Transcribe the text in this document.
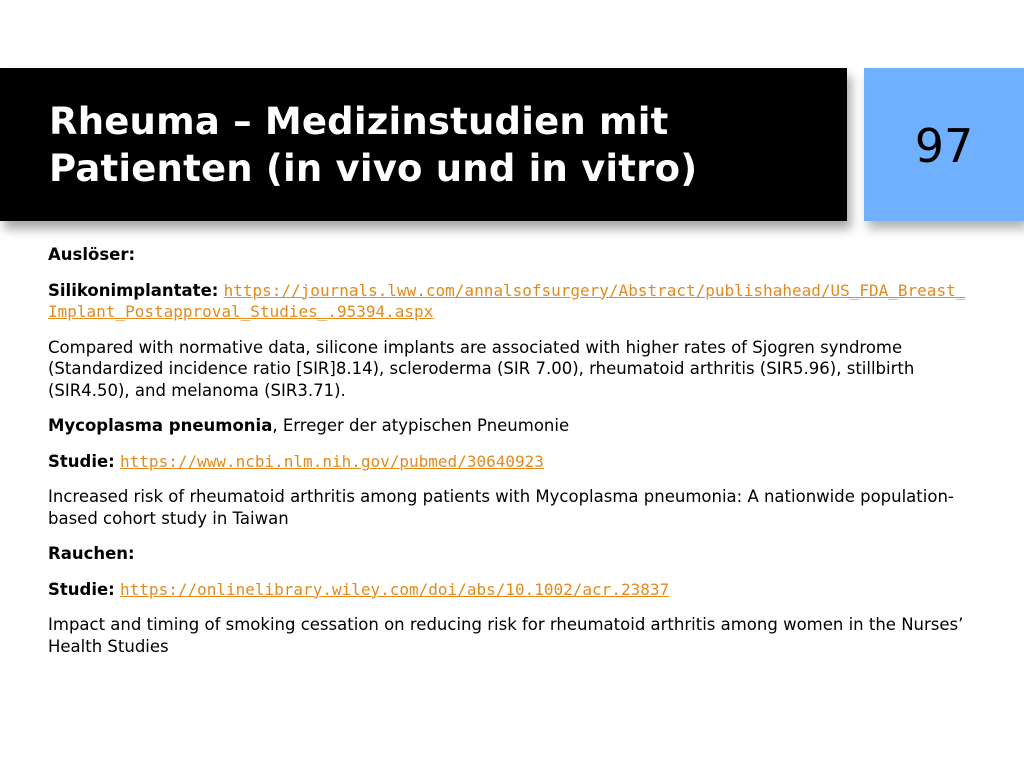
Rheuma – Medizinstudien mit
Patienten (in vivo und in vitro)	97

Auslöser:

Silikonimplantate: https://journals.lww.com/annalsofsurgery/Abstract/publishahead/US_FDA_Breast_Implant_Postapproval_Studies_.95394.aspx

Compared with normative data, silicone implants are associated with higher rates of Sjogren syndrome (Standardized incidence ratio [SIR]8.14), scleroderma (SIR 7.00), rheumatoid arthritis (SIR5.96), stillbirth (SIR4.50), and melanoma (SIR3.71).

Mycoplasma pneumonia, Erreger der atypischen Pneumonie

Studie: https://www.ncbi.nlm.nih.gov/pubmed/30640923

Increased risk of rheumatoid arthritis among patients with Mycoplasma pneumonia: A nationwide population-based cohort study in Taiwan

Rauchen:

Studie: https://onlinelibrary.wiley.com/doi/abs/10.1002/acr.23837

Impact and timing of smoking cessation on reducing risk for rheumatoid arthritis among women in the Nurses’ Health Studies
